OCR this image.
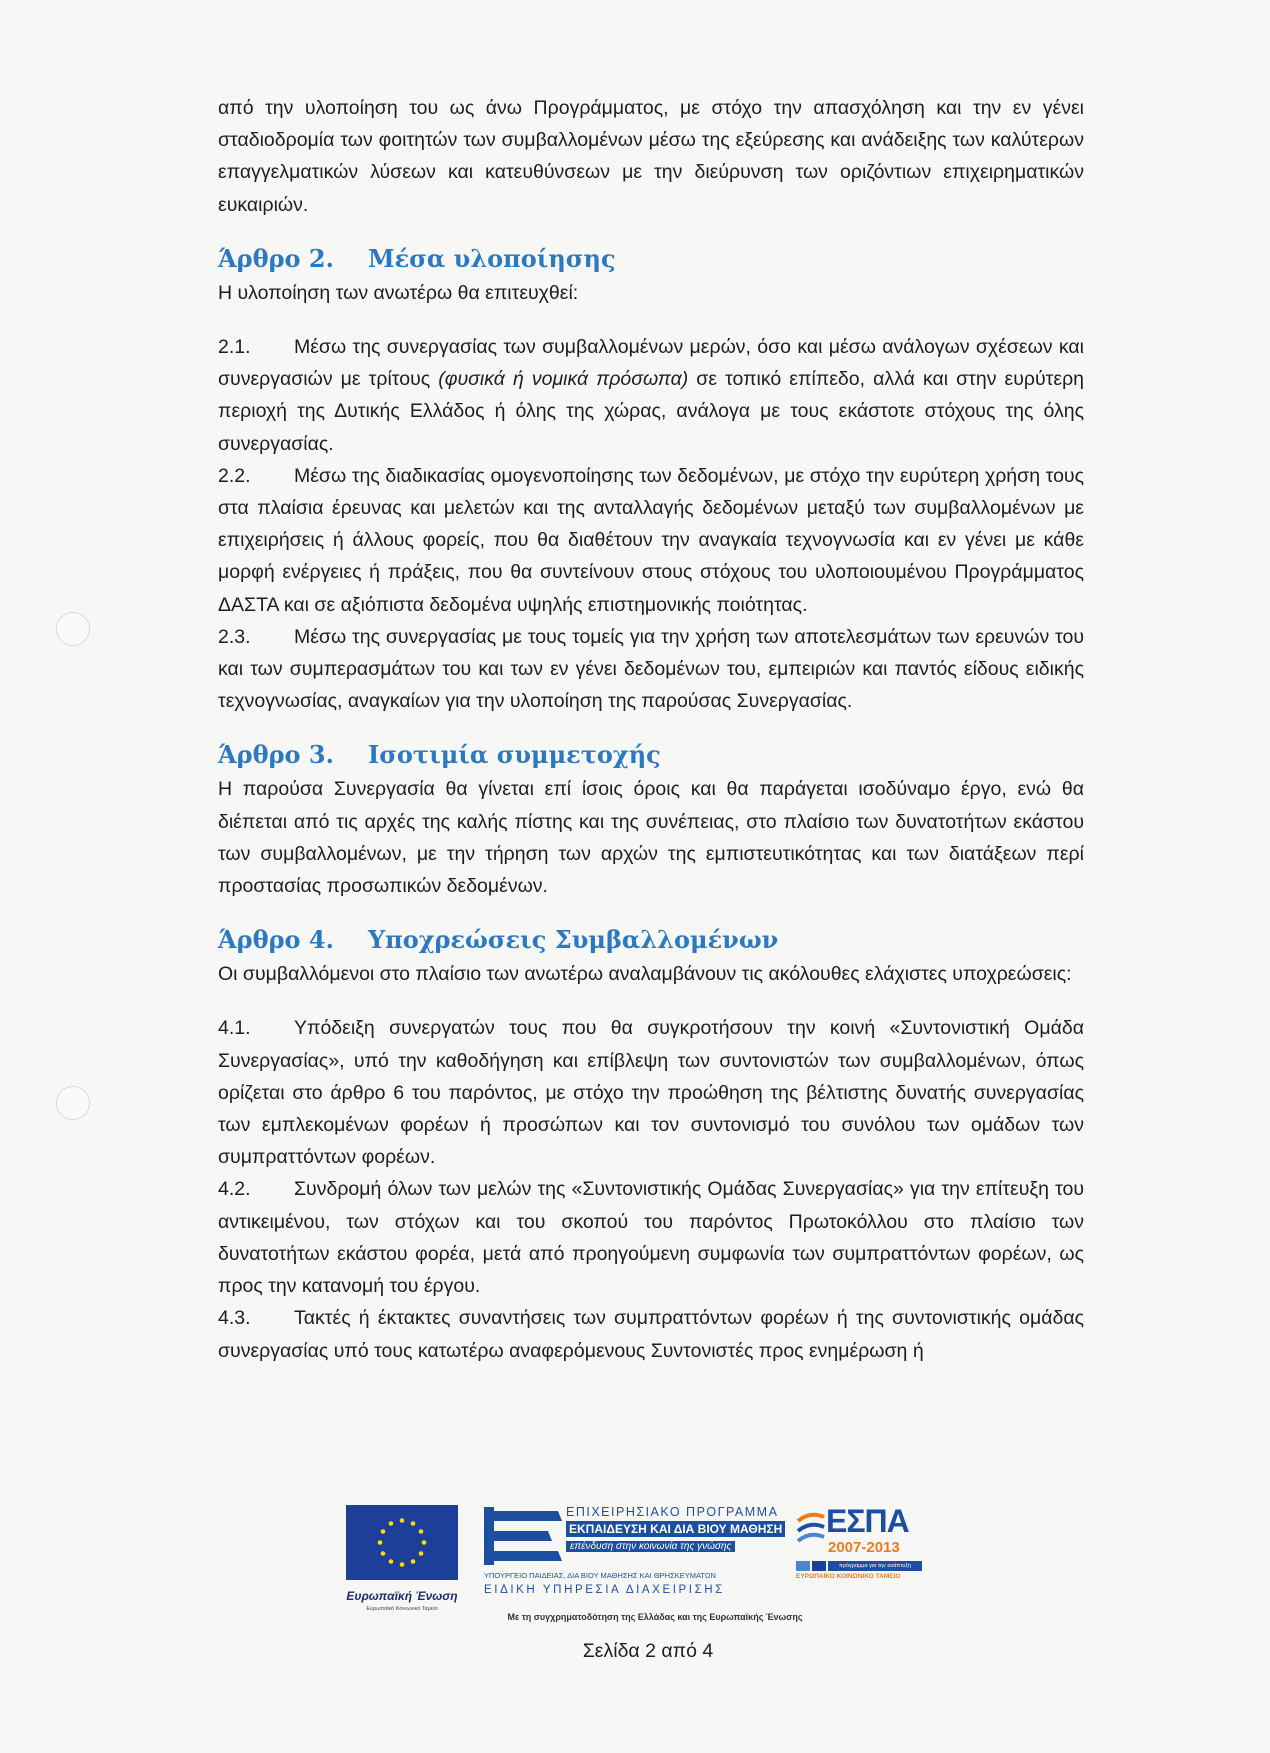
από την υλοποίηση του ως άνω Προγράμματος, με στόχο την απασχόληση και την εν γένει σταδιοδρομία των φοιτητών των συμβαλλομένων μέσω της εξεύρεσης και ανάδειξης των καλύτερων επαγγελματικών λύσεων και κατευθύνσεων με την διεύρυνση των οριζόντιων επιχειρηματικών ευκαιριών.

Άρθρο 2. Μέσα υλοποίησης

Η υλοποίηση των ανωτέρω θα επιτευχθεί:

2.1. Μέσω της συνεργασίας των συμβαλλομένων μερών, όσο και μέσω ανάλογων σχέσεων και συνεργασιών με τρίτους (φυσικά ή νομικά πρόσωπα) σε τοπικό επίπεδο, αλλά και στην ευρύτερη περιοχή της Δυτικής Ελλάδος ή όλης της χώρας, ανάλογα με τους εκάστοτε στόχους της όλης συνεργασίας.

2.2. Μέσω της διαδικασίας ομογενοποίησης των δεδομένων, με στόχο την ευρύτερη χρήση τους στα πλαίσια έρευνας και μελετών και της ανταλλαγής δεδομένων μεταξύ των συμβαλλομένων με επιχειρήσεις ή άλλους φορείς, που θα διαθέτουν την αναγκαία τεχνογνωσία και εν γένει με κάθε μορφή ενέργειες ή πράξεις, που θα συντείνουν στους στόχους του υλοποιουμένου Προγράμματος ΔΑΣΤΑ και σε αξιόπιστα δεδομένα υψηλής επιστημονικής ποιότητας.

2.3. Μέσω της συνεργασίας με τους τομείς για την χρήση των αποτελεσμάτων των ερευνών του και των συμπερασμάτων του και των εν γένει δεδομένων του, εμπειριών και παντός είδους ειδικής τεχνογνωσίας, αναγκαίων για την υλοποίηση της παρούσας Συνεργασίας.

Άρθρο 3. Ισοτιμία συμμετοχής

Η παρούσα Συνεργασία θα γίνεται επί ίσοις όροις και θα παράγεται ισοδύναμο έργο, ενώ θα διέπεται από τις αρχές της καλής πίστης και της συνέπειας, στο πλαίσιο των δυνατοτήτων εκάστου των συμβαλλομένων, με την τήρηση των αρχών της εμπιστευτικότητας και των διατάξεων περί προστασίας προσωπικών δεδομένων.

Άρθρο 4. Υποχρεώσεις Συμβαλλομένων

Οι συμβαλλόμενοι στο πλαίσιο των ανωτέρω αναλαμβάνουν τις ακόλουθες ελάχιστες υποχρεώσεις:

4.1. Υπόδειξη συνεργατών τους που θα συγκροτήσουν την κοινή «Συντονιστική Ομάδα Συνεργασίας», υπό την καθοδήγηση και επίβλεψη των συντονιστών των συμβαλλομένων, όπως ορίζεται στο άρθρο 6 του παρόντος, με στόχο την προώθηση της βέλτιστης δυνατής συνεργασίας των εμπλεκομένων φορέων ή προσώπων και τον συντονισμό του συνόλου των ομάδων των συμπραττόντων φορέων.

4.2. Συνδρομή όλων των μελών της «Συντονιστικής Ομάδας Συνεργασίας» για την επίτευξη του αντικειμένου, των στόχων και του σκοπού του παρόντος Πρωτοκόλλου στο πλαίσιο των δυνατοτήτων εκάστου φορέα, μετά από προηγούμενη συμφωνία των συμπραττόντων φορέων, ως προς την κατανομή του έργου.

4.3. Τακτές ή έκτακτες συναντήσεις των συμπραττόντων φορέων ή της συντονιστικής ομάδας συνεργασίας υπό τους κατωτέρω αναφερόμενους Συντονιστές προς ενημέρωση ή

Ευρωπαϊκή Ένωση
Ευρωπαϊκό Κοινωνικό Ταμείο
ΕΠΙΧΕΙΡΗΣΙΑΚΟ ΠΡΟΓΡΑΜΜΑ
ΕΚΠΑΙΔΕΥΣΗ ΚΑΙ ΔΙΑ ΒΙΟΥ ΜΑΘΗΣΗ
επένδυση στην κοινωνία της γνώσης
ΥΠΟΥΡΓΕΙΟ ΠΑΙΔΕΙΑΣ, ΔΙΑ ΒΙΟΥ ΜΑΘΗΣΗΣ ΚΑΙ ΘΡΗΣΚΕΥΜΑΤΩΝ
ΕΙΔΙΚΗ ΥΠΗΡΕΣΙΑ ΔΙΑΧΕΙΡΙΣΗΣ
ΕΣΠΑ
2007-2013
πρόγραμμα για την ανάπτυξη
ΕΥΡΩΠΑΪΚΟ ΚΟΙΝΩΝΙΚΟ ΤΑΜΕΙΟ
Με τη συγχρηματοδότηση της Ελλάδας και της Ευρωπαϊκής Ένωσης
Σελίδα 2 από 4
